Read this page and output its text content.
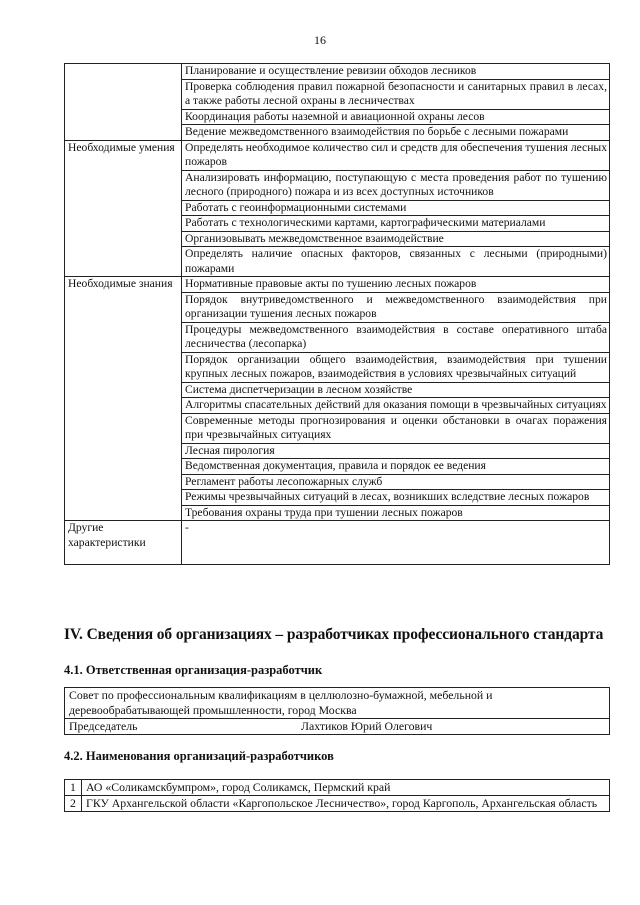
16

	Планирование и осуществление ревизии обходов лесников

	Проверка соблюдения правил пожарной безопасности и санитарных правил в лесах, а также работы лесной охраны в лесничествах

	Координация работы наземной и авиационной охраны лесов

	Ведение межведомственного взаимодействия по борьбе с лесными пожарами

Необходимые умения	Определять необходимое количество сил и средств для обеспечения тушения лесных пожаров

	Анализировать информацию, поступающую с места проведения работ по тушению лесного (природного) пожара и из всех доступных источников

	Работать с геоинформационными системами

	Работать с технологическими картами, картографическими материалами

	Организовывать межведомственное взаимодействие

	Определять наличие опасных факторов, связанных с лесными (природными) пожарами

Необходимые знания	Нормативные правовые акты по тушению лесных пожаров

	Порядок внутриведомственного и межведомственного взаимодействия при организации тушения лесных пожаров

	Процедуры межведомственного взаимодействия в составе оперативного штаба лесничества (лесопарка)

	Порядок организации общего взаимодействия, взаимодействия при тушении крупных лесных пожаров, взаимодействия в условиях чрезвычайных ситуаций

	Система диспетчеризации в лесном хозяйстве

	Алгоритмы спасательных действий для оказания помощи в чрезвычайных ситуациях

	Современные методы прогнозирования и оценки обстановки в очагах поражения при чрезвычайных ситуациях

	Лесная пирология

	Ведомственная документация, правила и порядок ее ведения

	Регламент работы лесопожарных служб

	Режимы чрезвычайных ситуаций в лесах, возникших вследствие лесных пожаров

	Требования охраны труда при тушении лесных пожаров

Другие характеристики	-
IV. Сведения об организациях – разработчиках профессионального стандарта
4.1. Ответственная организация-разработчик
Совет по профессиональным квалификациям в целлюлозно-бумажной, мебельной и деревообрабатывающей промышленности, город Москва

Председатель	Лахтиков Юрий Олегович
4.2. Наименования организаций-разработчиков
1	АО «Соликамскбумпром», город Соликамск, Пермский край
2	ГКУ Архангельской области «Каргопольское Лесничество», город Каргополь, Архангельская область
